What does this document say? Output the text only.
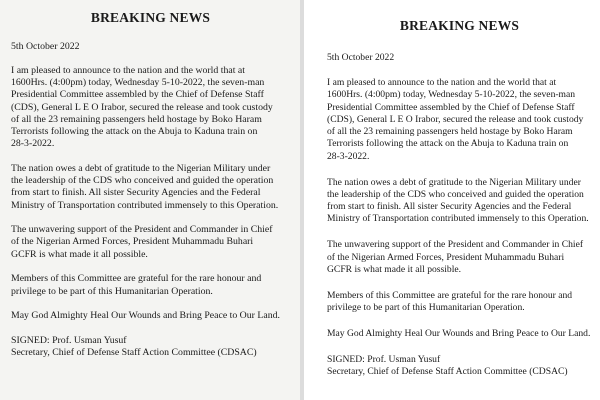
BREAKING NEWS

5th October 2022

I am pleased to announce to the nation and the world that at
1600Hrs. (4:00pm) today, Wednesday 5-10-2022, the seven-man
Presidential Committee assembled by the Chief of Defense Staff
(CDS), General L E O Irabor, secured the release and took custody
of all the 23 remaining passengers held hostage by Boko Haram
Terrorists following the attack on the Abuja to Kaduna train on
28-3-2022.

The nation owes a debt of gratitude to the Nigerian Military under
the leadership of the CDS who conceived and guided the operation
from start to finish. All sister Security Agencies and the Federal
Ministry of Transportation contributed immensely to this Operation.

The unwavering support of the President and Commander in Chief
of the Nigerian Armed Forces, President Muhammadu Buhari
GCFR is what made it all possible.

Members of this Committee are grateful for the rare honour and
privilege to be part of this Humanitarian Operation.

May God Almighty Heal Our Wounds and Bring Peace to Our Land.

SIGNED: Prof. Usman Yusuf
Secretary, Chief of Defense Staff Action Committee (CDSAC)

BREAKING NEWS

5th October 2022

I am pleased to announce to the nation and the world that at
1600Hrs. (4:00pm) today, Wednesday 5-10-2022, the seven-man
Presidential Committee assembled by the Chief of Defense Staff
(CDS), General L E O Irabor, secured the release and took custody
of all the 23 remaining passengers held hostage by Boko Haram
Terrorists following the attack on the Abuja to Kaduna train on
28-3-2022.

The nation owes a debt of gratitude to the Nigerian Military under
the leadership of the CDS who conceived and guided the operation
from start to finish. All sister Security Agencies and the Federal
Ministry of Transportation contributed immensely to this Operation.

The unwavering support of the President and Commander in Chief
of the Nigerian Armed Forces, President Muhammadu Buhari
GCFR is what made it all possible.

Members of this Committee are grateful for the rare honour and
privilege to be part of this Humanitarian Operation.

May God Almighty Heal Our Wounds and Bring Peace to Our Land.

SIGNED: Prof. Usman Yusuf
Secretary, Chief of Defense Staff Action Committee (CDSAC)
